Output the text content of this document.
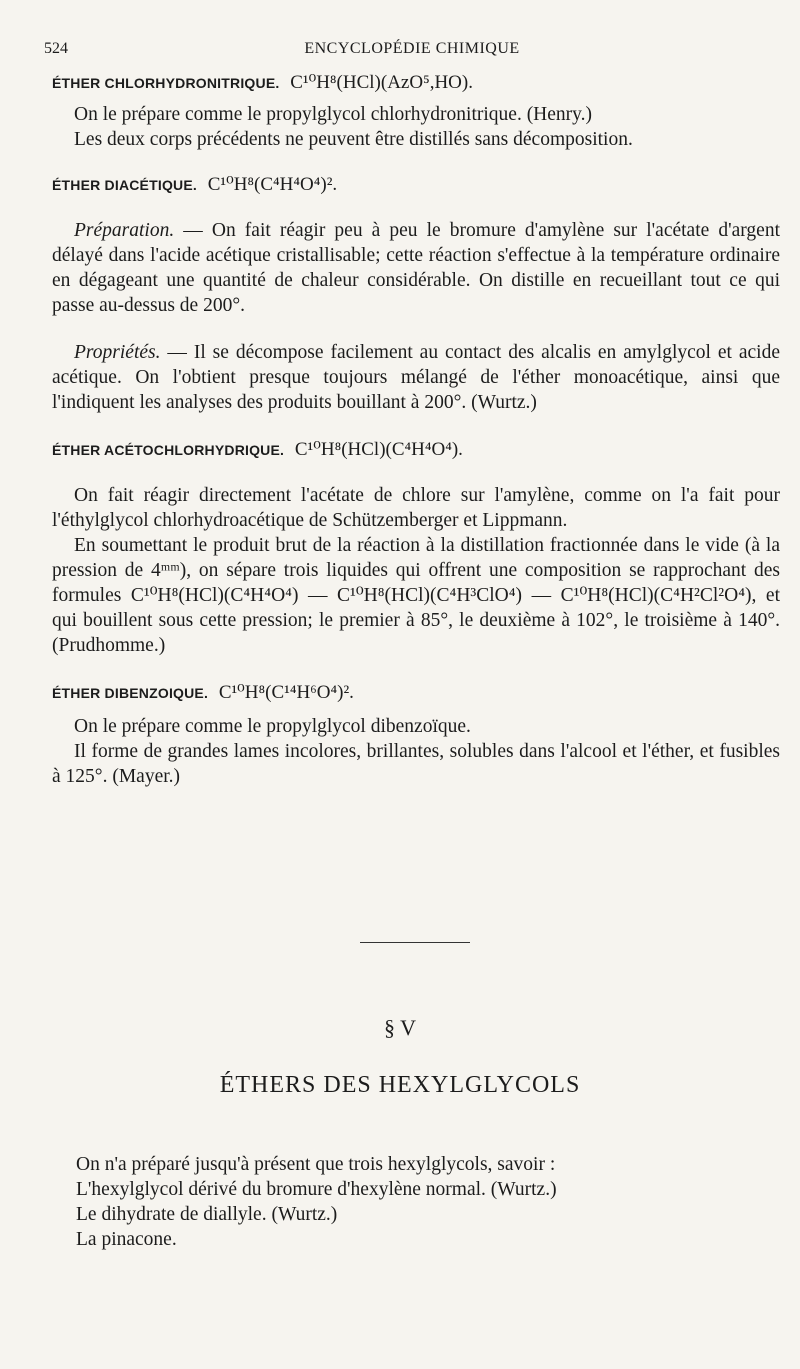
524	ENCYCLOPÉDIE CHIMIQUE
ÉTHER CHLORHYDRONITRIQUE. C¹⁰H⁸(HCl)(AzO⁵,HO).

On le prépare comme le propylglycol chlorhydronitrique. (Henry.)

Les deux corps précédents ne peuvent être distillés sans décomposition.

ÉTHER DIACÉTIQUE. C¹⁰H⁸(C⁴H⁴O⁴)².

Préparation. — On fait réagir peu à peu le bromure d'amylène sur l'acétate d'argent délayé dans l'acide acétique cristallisable; cette réaction s'effectue à la température ordinaire en dégageant une quantité de chaleur considérable. On distille en recueillant tout ce qui passe au-dessus de 200°.

Propriétés. — Il se décompose facilement au contact des alcalis en amylglycol et acide acétique. On l'obtient presque toujours mélangé de l'éther monoacétique, ainsi que l'indiquent les analyses des produits bouillant à 200°. (Wurtz.)

ÉTHER ACÉTOCHLORHYDRIQUE. C¹⁰H⁸(HCl)(C⁴H⁴O⁴).

On fait réagir directement l'acétate de chlore sur l'amylène, comme on l'a fait pour l'éthylglycol chlorhydroacétique de Schützemberger et Lippmann.

En soumettant le produit brut de la réaction à la distillation fractionnée dans le vide (à la pression de 4ᵐᵐ), on sépare trois liquides qui offrent une composition se rapprochant des formules C¹⁰H⁸(HCl)(C⁴H⁴O⁴) — C¹⁰H⁸(HCl)(C⁴H³ClO⁴) — C¹⁰H⁸(HCl)(C⁴H²Cl²O⁴), et qui bouillent sous cette pression; le premier à 85°, le deuxième à 102°, le troisième à 140°. (Prudhomme.)

ÉTHER DIBENZOIQUE. C¹⁰H⁸(C¹⁴H⁶O⁴)².

On le prépare comme le propylglycol dibenzoïque.

Il forme de grandes lames incolores, brillantes, solubles dans l'alcool et l'éther, et fusibles à 125°. (Mayer.)

§ V
ÉTHERS DES HEXYLGLYCOLS

On n'a préparé jusqu'à présent que trois hexylglycols, savoir :

L'hexylglycol dérivé du bromure d'hexylène normal. (Wurtz.)

Le dihydrate de diallyle. (Wurtz.)

La pinacone.
